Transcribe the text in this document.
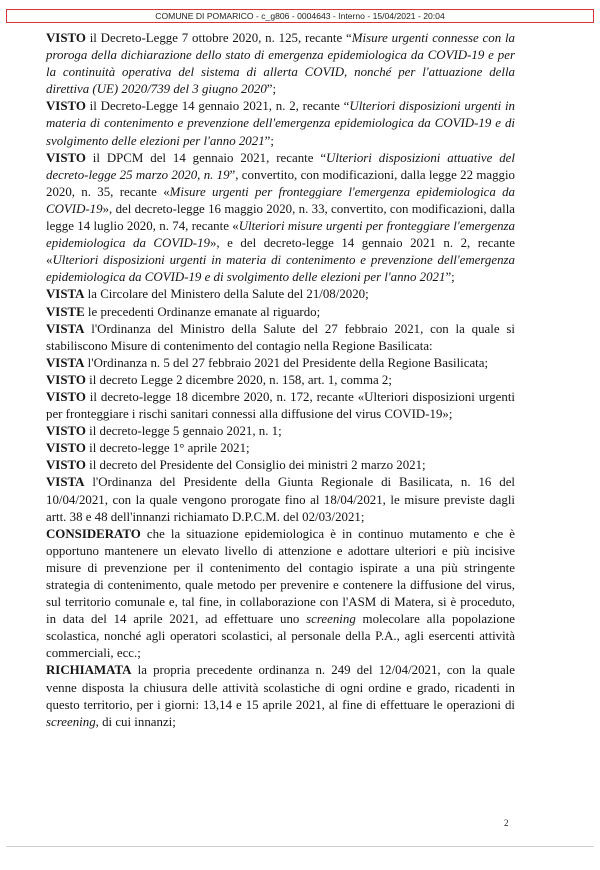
COMUNE DI POMARICO - c_g806 - 0004643 - Interno - 15/04/2021 - 20:04

VISTO il Decreto-Legge 7 ottobre 2020, n. 125, recante “Misure urgenti connesse con la proroga della dichiarazione dello stato di emergenza epidemiologica da COVID-19 e per la continuità operativa del sistema di allerta COVID, nonché per l'attuazione della direttiva (UE) 2020/739 del 3 giugno 2020”;

VISTO il Decreto-Legge 14 gennaio 2021, n. 2, recante “Ulteriori disposizioni urgenti in materia di contenimento e prevenzione dell'emergenza epidemiologica da COVID-19 e di svolgimento delle elezioni per l'anno 2021”;

VISTO il DPCM del 14 gennaio 2021, recante “Ulteriori disposizioni attuative del decreto-legge 25 marzo 2020, n. 19”, convertito, con modificazioni, dalla legge 22 maggio 2020, n. 35, recante «Misure urgenti per fronteggiare l'emergenza epidemiologica da COVID-19», del decreto-legge 16 maggio 2020, n. 33, convertito, con modificazioni, dalla legge 14 luglio 2020, n. 74, recante «Ulteriori misure urgenti per fronteggiare l'emergenza epidemiologica da COVID-19», e del decreto-legge 14 gennaio 2021 n. 2, recante «Ulteriori disposizioni urgenti in materia di contenimento e prevenzione dell'emergenza epidemiologica da COVID-19 e di svolgimento delle elezioni per l'anno 2021”;

VISTA la Circolare del Ministero della Salute del 21/08/2020;

VISTE le precedenti Ordinanze emanate al riguardo;

VISTA l'Ordinanza del Ministro della Salute del 27 febbraio 2021, con la quale si stabiliscono Misure di contenimento del contagio nella Regione Basilicata:

VISTA l'Ordinanza n. 5 del 27 febbraio 2021 del Presidente della Regione Basilicata;

VISTO il decreto Legge 2 dicembre 2020, n. 158, art. 1, comma 2;

VISTO il decreto-legge 18 dicembre 2020, n. 172, recante «Ulteriori disposizioni urgenti per fronteggiare i rischi sanitari connessi alla diffusione del virus COVID-19»;

VISTO il decreto-legge 5 gennaio 2021, n. 1;

VISTO il decreto-legge 1° aprile 2021;

VISTO il decreto del Presidente del Consiglio dei ministri 2 marzo 2021;

VISTA l'Ordinanza del Presidente della Giunta Regionale di Basilicata, n. 16 del 10/04/2021, con la quale vengono prorogate fino al 18/04/2021, le misure previste dagli artt. 38 e 48 dell'innanzi richiamato D.P.C.M. del 02/03/2021;

CONSIDERATO che la situazione epidemiologica è in continuo mutamento e che è opportuno mantenere un elevato livello di attenzione e adottare ulteriori e più incisive misure di prevenzione per il contenimento del contagio ispirate a una più stringente strategia di contenimento, quale metodo per prevenire e contenere la diffusione del virus, sul territorio comunale e, tal fine, in collaborazione con l'ASM di Matera, si è proceduto, in data del 14 aprile 2021, ad effettuare uno screening molecolare alla popolazione scolastica, nonché agli operatori scolastici, al personale della P.A., agli esercenti attività commerciali, ecc.;

RICHIAMATA la propria precedente ordinanza n. 249 del 12/04/2021, con la quale venne disposta la chiusura delle attività scolastiche di ogni ordine e grado, ricadenti in questo territorio, per i giorni: 13,14 e 15 aprile 2021, al fine di effettuare le operazioni di screening, di cui innanzi;

2
